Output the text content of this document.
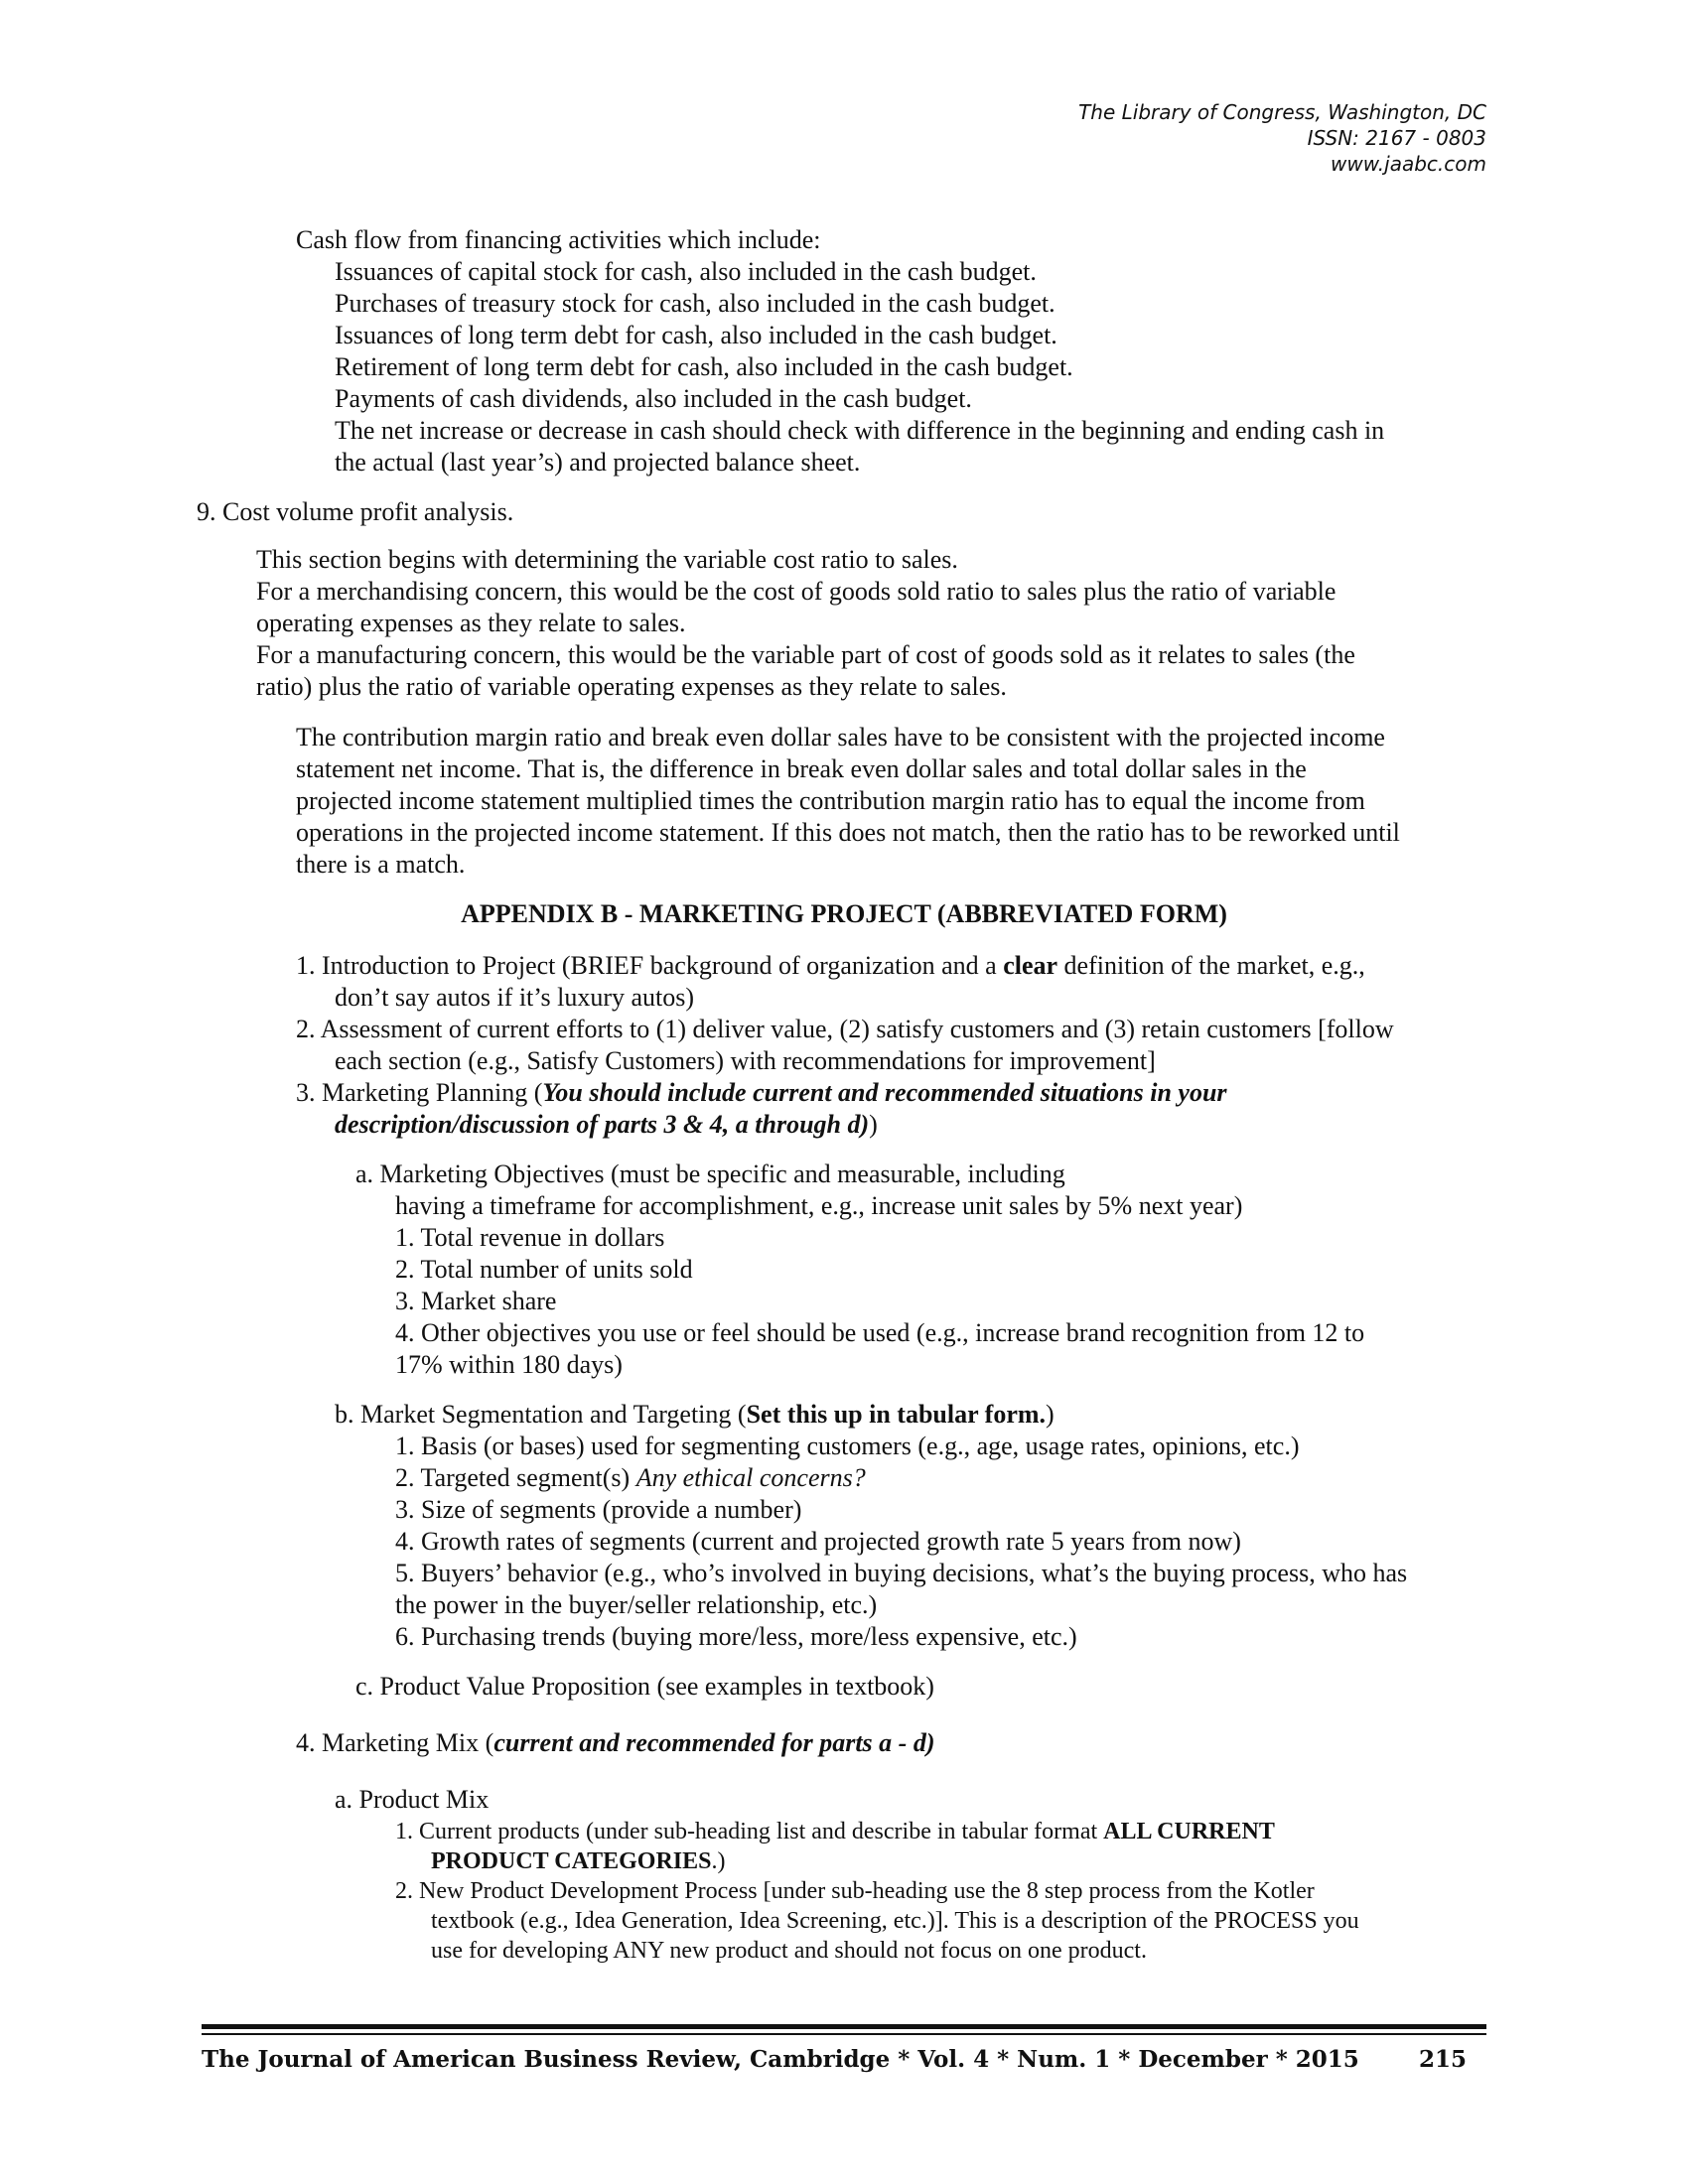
The Library of Congress, Washington, DC
ISSN: 2167 - 0803
www.jaabc.com
Cash flow from financing activities which include:
Issuances of capital stock for cash, also included in the cash budget.
Purchases of treasury stock for cash, also included in the cash budget.
Issuances of long term debt for cash, also included in the cash budget.
Retirement of long term debt for cash, also included in the cash budget.
Payments of cash dividends, also included in the cash budget.
The net increase or decrease in cash should check with difference in the beginning and ending cash in
the actual (last year’s) and projected balance sheet.
9. Cost volume profit analysis.
This section begins with determining the variable cost ratio to sales.
For a merchandising concern, this would be the cost of goods sold ratio to sales plus the ratio of variable
operating expenses as they relate to sales.
For a manufacturing concern, this would be the variable part of cost of goods sold as it relates to sales (the
ratio) plus the ratio of variable operating expenses as they relate to sales.
The contribution margin ratio and break even dollar sales have to be consistent with the projected income
statement net income. That is, the difference in break even dollar sales and total dollar sales in the
projected income statement multiplied times the contribution margin ratio has to equal the income from
operations in the projected income statement. If this does not match, then the ratio has to be reworked until
there is a match.
APPENDIX B - MARKETING PROJECT (ABBREVIATED FORM)
1. Introduction to Project (BRIEF background of organization and a clear definition of the market, e.g.,
don’t say autos if it’s luxury autos)
2. Assessment of current efforts to (1) deliver value, (2) satisfy customers and (3) retain customers [follow
each section (e.g., Satisfy Customers) with recommendations for improvement]
3. Marketing Planning (You should include current and recommended situations in your
description/discussion of parts 3 & 4, a through d))
a. Marketing Objectives (must be specific and measurable, including
having a timeframe for accomplishment, e.g., increase unit sales by 5% next year)
1. Total revenue in dollars
2. Total number of units sold
3. Market share
4. Other objectives you use or feel should be used (e.g., increase brand recognition from 12 to
17% within 180 days)
b. Market Segmentation and Targeting (Set this up in tabular form.)
1. Basis (or bases) used for segmenting customers (e.g., age, usage rates, opinions, etc.)
2. Targeted segment(s) Any ethical concerns?
3. Size of segments (provide a number)
4. Growth rates of segments (current and projected growth rate 5 years from now)
5. Buyers’ behavior (e.g., who’s involved in buying decisions, what’s the buying process, who has
the power in the buyer/seller relationship, etc.)
6. Purchasing trends (buying more/less, more/less expensive, etc.)
c. Product Value Proposition (see examples in textbook)
4. Marketing Mix (current and recommended for parts a - d)
a. Product Mix
1. Current products (under sub-heading list and describe in tabular format ALL CURRENT
PRODUCT CATEGORIES.)
2. New Product Development Process [under sub-heading use the 8 step process from the Kotler
textbook (e.g., Idea Generation, Idea Screening, etc.)]. This is a description of the PROCESS you
use for developing ANY new product and should not focus on one product.
The Journal of American Business Review, Cambridge * Vol. 4 * Num. 1 * December * 2015	215
